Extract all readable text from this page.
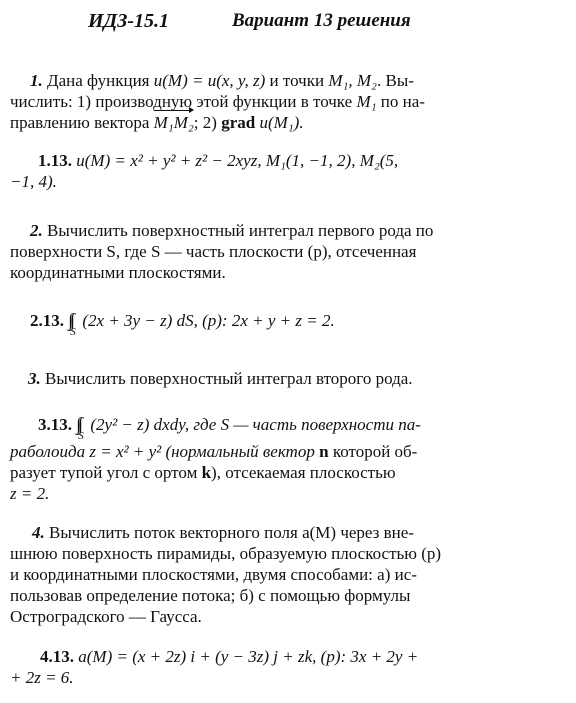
ИДЗ-15.1	Вариант 13 решения
1. Дана функция u(M) = u(x, y, z) и точки M₁, M₂. Вы-
числить: 1) производную этой функции в точке M₁ по на-
правлению вектора M₁M₂; 2) grad u(M₁).
1.13. u(M) = x² + y² + z² − 2xyz, M₁(1, −1, 2), M₂(5,
−1, 4).
2. Вычислить поверхностный интеграл первого рода по
поверхности S, где S — часть плоскости (p), отсеченная
координатными плоскостями.
2.13. ∫∫
S
(2x + 3y − z) dS, (p): 2x + y + z = 2.
3. Вычислить поверхностный интеграл второго рода.
3.13. ∫∫
S
(2y² − z) dxdy, где S — часть поверхности па-
раболоида z = x² + y² (нормальный вектор n которой об-
разует тупой угол с ортом k), отсекаемая плоскостью
z = 2.
4. Вычислить поток векторного поля a(M) через вне-
шнюю поверхность пирамиды, образуемую плоскостью (p)
и координатными плоскостями, двумя способами: а) ис-
пользовав определение потока; б) с помощью формулы
Остроградского — Гаусса.
4.13. a(M) = (x + 2z) i + (y − 3z) j + zk, (p): 3x + 2y +
+ 2z = 6.
